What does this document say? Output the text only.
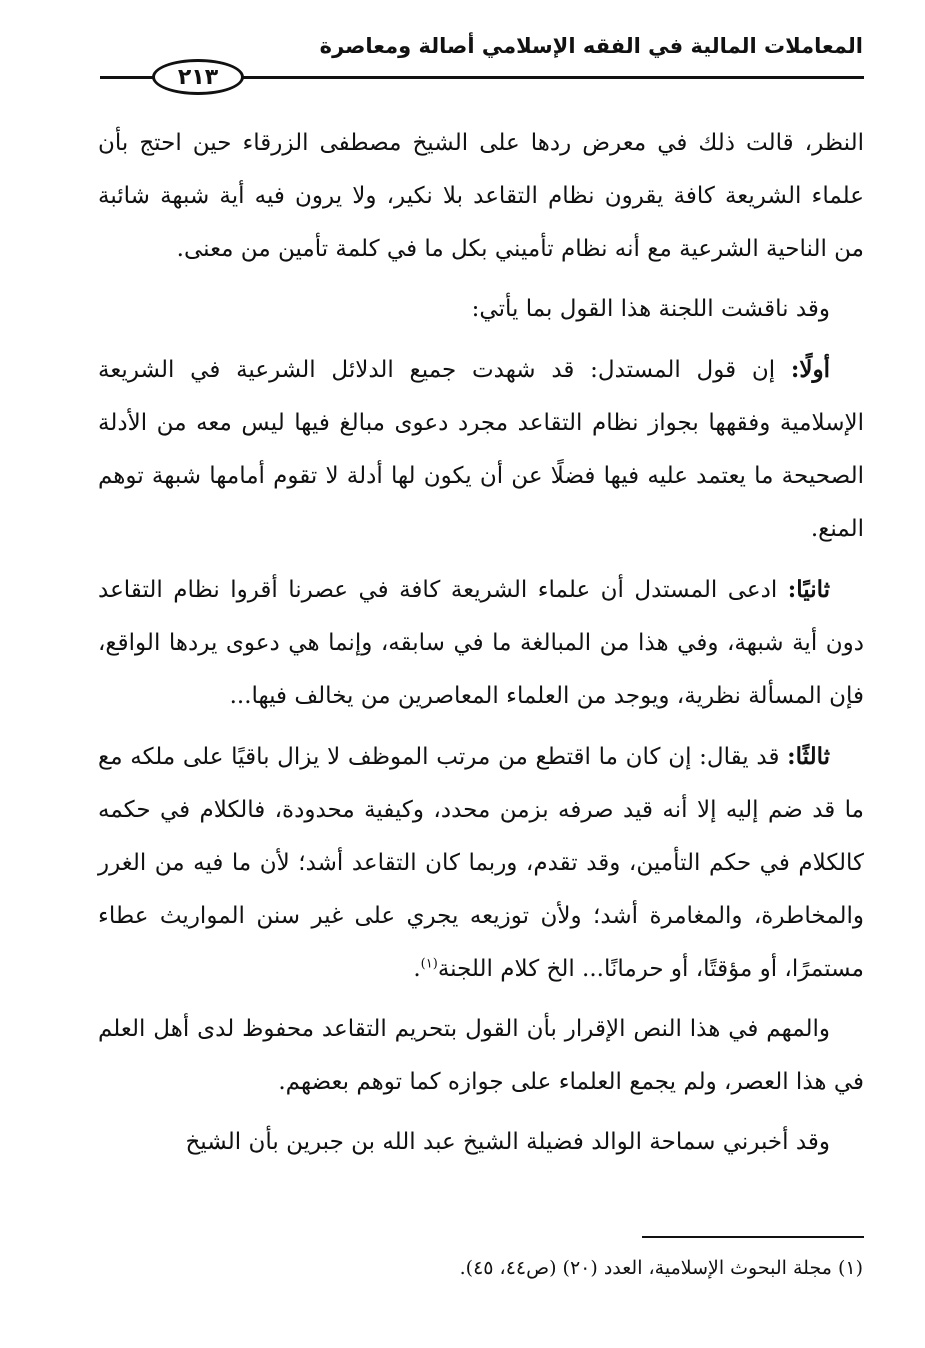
المعاملات المالية في الفقه الإسلامي أصالة ومعاصرة
٢١٣

النظر، قالت ذلك في معرض ردها على الشيخ مصطفى الزرقاء حين احتج بأن علماء الشريعة كافة يقرون نظام التقاعد بلا نكير، ولا يرون فيه أية شبهة شائبة من الناحية الشرعية مع أنه نظام تأميني بكل ما في كلمة تأمين من معنى.

وقد ناقشت اللجنة هذا القول بما يأتي:

أولًا: إن قول المستدل: قد شهدت جميع الدلائل الشرعية في الشريعة الإسلامية وفقهها بجواز نظام التقاعد مجرد دعوى مبالغ فيها ليس معه من الأدلة الصحيحة ما يعتمد عليه فيها فضلًا عن أن يكون لها أدلة لا تقوم أمامها شبهة توهم المنع.

ثانيًا: ادعى المستدل أن علماء الشريعة كافة في عصرنا أقروا نظام التقاعد دون أية شبهة، وفي هذا من المبالغة ما في سابقه، وإنما هي دعوى يردها الواقع، فإن المسألة نظرية، ويوجد من العلماء المعاصرين من يخالف فيها...

ثالثًا: قد يقال: إن كان ما اقتطع من مرتب الموظف لا يزال باقيًا على ملكه مع ما قد ضم إليه إلا أنه قيد صرفه بزمن محدد، وكيفية محدودة، فالكلام في حكمه كالكلام في حكم التأمين، وقد تقدم، وربما كان التقاعد أشد؛ لأن ما فيه من الغرر والمخاطرة، والمغامرة أشد؛ ولأن توزيعه يجري على غير سنن المواريث عطاء مستمرًا، أو مؤقتًا، أو حرمانًا... الخ كلام اللجنة$^{(١)}$.

والمهم في هذا النص الإقرار بأن القول بتحريم التقاعد محفوظ لدى أهل العلم في هذا العصر، ولم يجمع العلماء على جوازه كما توهم بعضهم.

وقد أخبرني سماحة الوالد فضيلة الشيخ عبد الله بن جبرين بأن الشيخ

(١) مجلة البحوث الإسلامية، العدد (٢٠) (ص٤٤، ٤٥).
